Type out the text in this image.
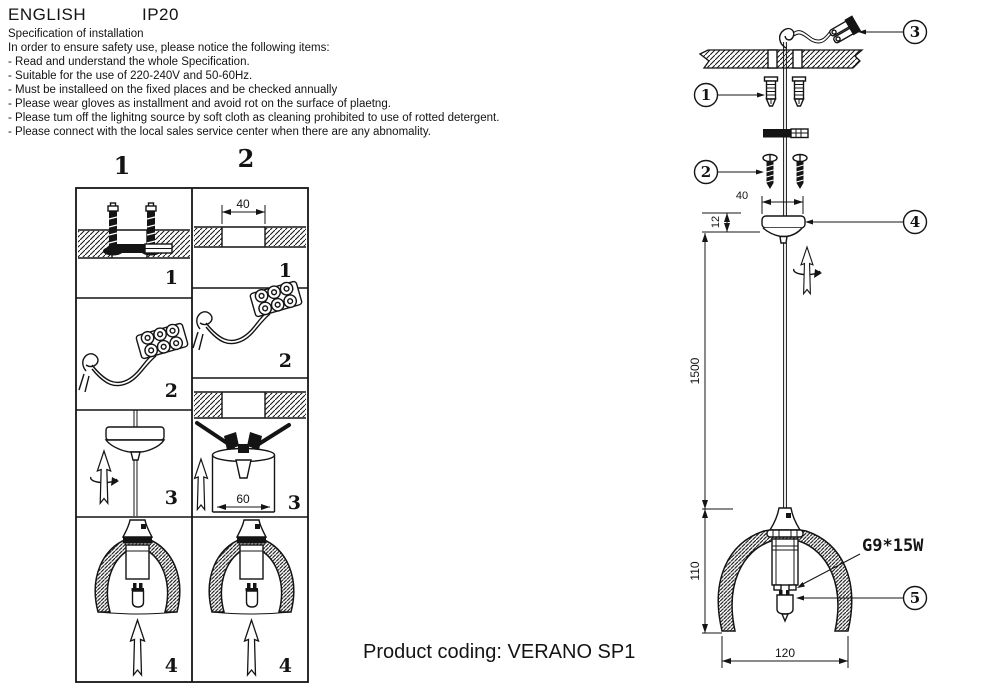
ENGLISH	IP20
Specification of installation
In order to ensure safety use, please notice the following items:
- Read and understand the whole Specification.
- Suitable for the use of 220-240V and 50-60Hz.
- Must be installeed on the fixed places and be checked annually
- Please wear gloves as installment and avoid rot on the surface of plaetng.
- Please tum off the lighitng source by soft cloth as cleaning prohibited to use of rotted detergent.
- Please connect with the local sales service center when there are any abnomality.
1	2
1
40
1
2
2
3	60 3
4	4
3
1
2
40
4
12
1500
110
G9*15W
5
120
Product coding: VERANO SP1
